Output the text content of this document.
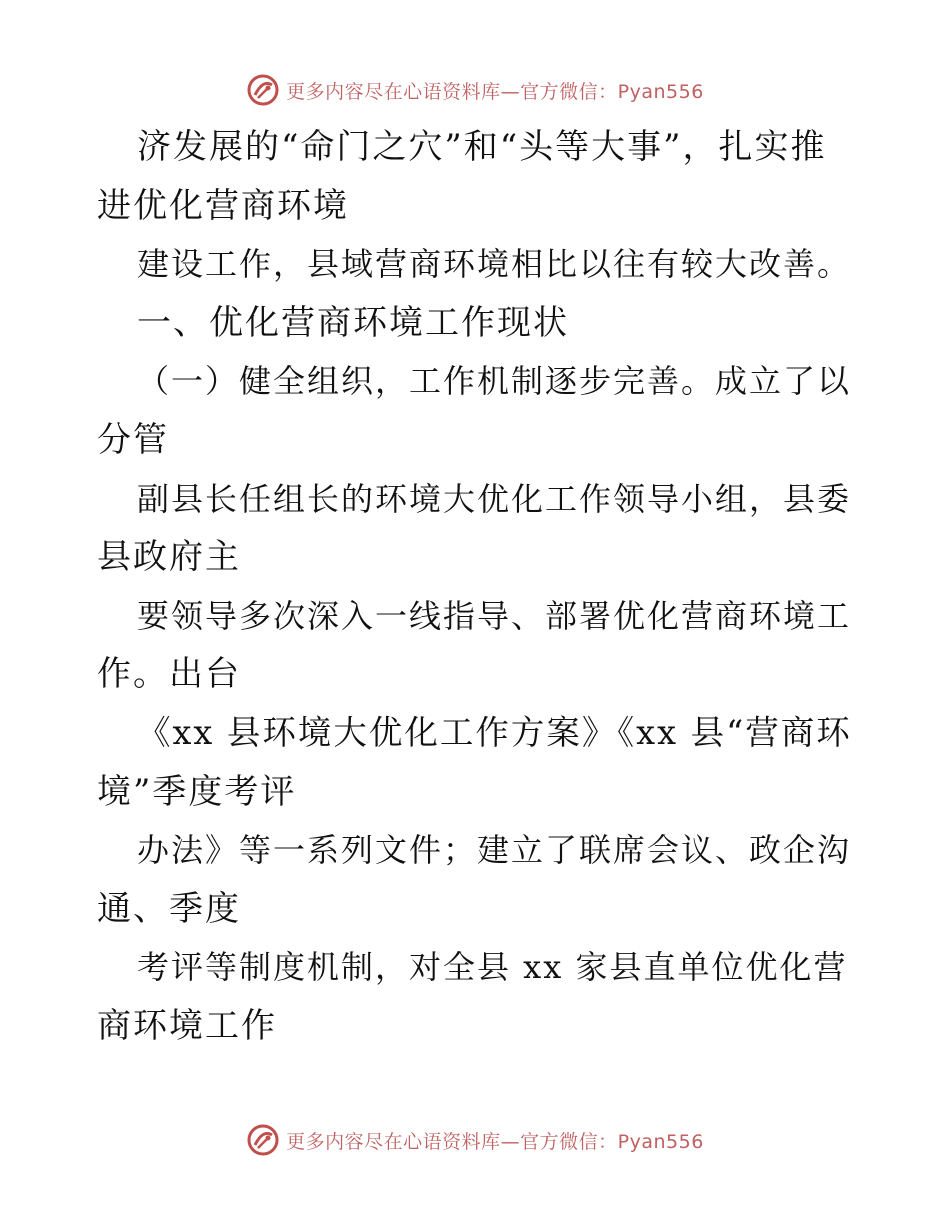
更多内容尽在心语资料库—官方微信：Pyan556
济发展的“命门之穴”和“头等大事”，扎实推
进优化营商环境
建设工作，县域营商环境相比以往有较大改善。
一、优化营商环境工作现状
（一）健全组织，工作机制逐步完善。成立了以
分管
副县长任组长的环境大优化工作领导小组，县委
县政府主
要领导多次深入一线指导、部署优化营商环境工
作。出台
《xx 县环境大优化工作方案》《xx 县“营商环
境”季度考评
办法》等一系列文件；建立了联席会议、政企沟
通、季度
考评等制度机制，对全县 xx 家县直单位优化营
商环境工作
更多内容尽在心语资料库—官方微信：Pyan556
